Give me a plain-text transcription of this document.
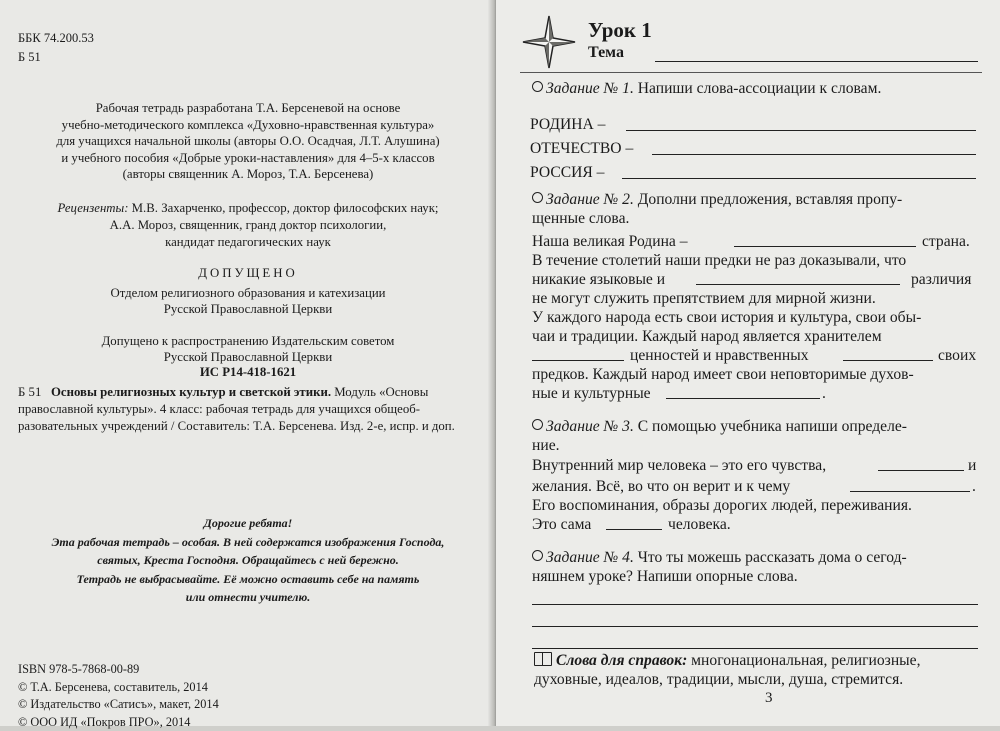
ББК 74.200.53
Б 51
Рабочая тетрадь разработана Т.А. Берсеневой на основе
учебно-методического комплекса «Духовно-нравственная культура»
для учащихся начальной школы (авторы О.О. Осадчая, Л.Т. Алушина)
и учебного пособия «Добрые уроки-наставления» для 4–5-х классов
(авторы священник А. Мороз, Т.А. Берсенева)
Рецензенты: М.В. Захарченко, профессор, доктор философских наук;
А.А. Мороз, священник, гранд доктор психологии,
кандидат педагогических наук
ДОПУЩЕНО
Отделом религиозного образования и катехизации
Русской Православной Церкви
Допущено к распространению Издательским советом
Русской Православной Церкви
ИС Р14-418-1621
Б 51 Основы религиозных культур и светской этики. Модуль «Основы православной культуры». 4 класс: рабочая тетрадь для учащихся общеоб-разовательных учреждений / Составитель: Т.А. Берсенева. Изд. 2-е, испр. и доп.
Дорогие ребята!
Эта рабочая тетрадь – особая. В ней содержатся изображения Господа,
святых, Креста Господня. Обращайтесь с ней бережно.
Тетрадь не выбрасывайте. Её можно оставить себе на память
или отнести учителю.
ISBN 978-5-7868-00-89
© Т.А. Берсенева, составитель, 2014
© Издательство «Сатисъ», макет, 2014
© ООО ИД «Покров ПРО», 2014
Урок 1
Тема
Задание № 1. Напиши слова-ассоциации к словам.
РОДИНА –
ОТЕЧЕСТВО –
РОССИЯ –
Задание № 2. Дополни предложения, вставляя пропу-
щенные слова.
Наша великая Родина –	страна.
В течение столетий наши предки не раз доказывали, что
никакие языковые и	различия
не могут служить препятствием для мирной жизни.
У каждого народа есть свои история и культура, свои обы-
чаи и традиции. Каждый народ является хранителем
ценностей и нравственных	своих
предков. Каждый народ имеет свои неповторимые духов-
ные и культурные	.
Задание № 3. С помощью учебника напиши определе-
ние.
Внутренний мир человека – это его чувства,	и
желания. Всё, во что он верит и к чему	.
Его воспоминания, образы дорогих людей, переживания.
Это сама	человека.
Задание № 4. Что ты можешь рассказать дома о сегод-
няшнем уроке? Напиши опорные слова.
Слова для справок: многонациональная, религиозные,
духовные, идеалов, традиции, мысли, душа, стремится.
3
